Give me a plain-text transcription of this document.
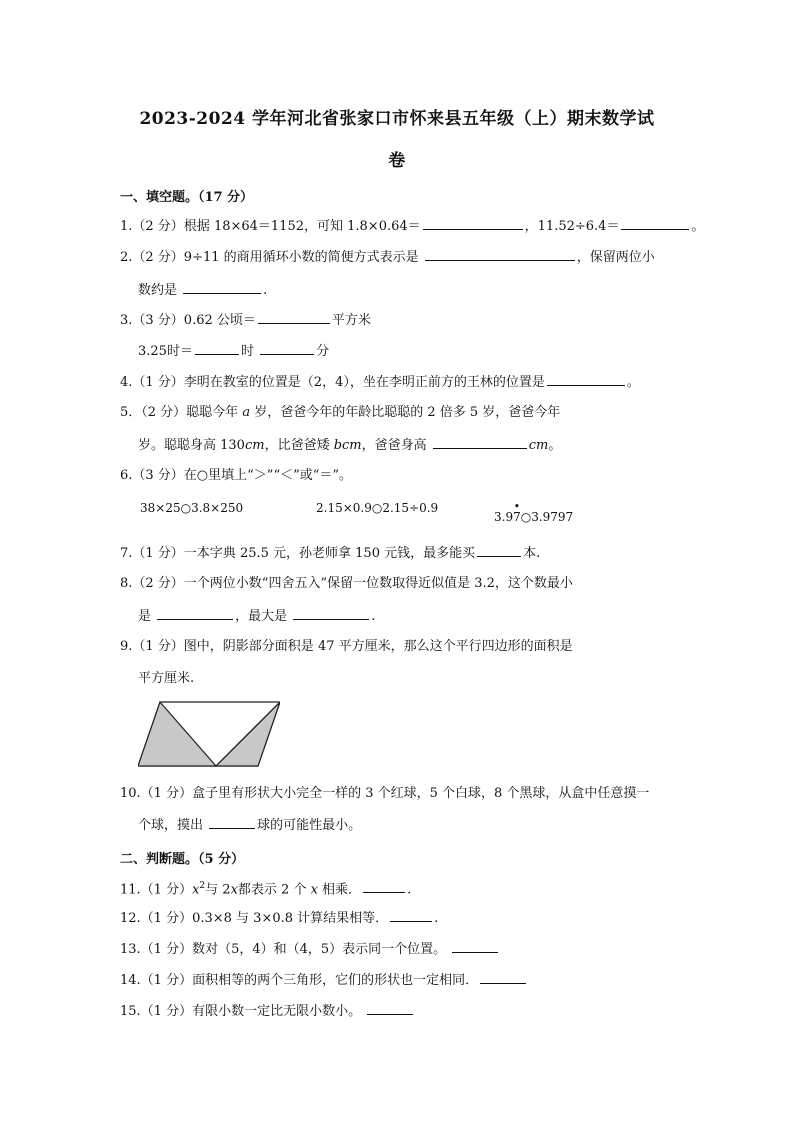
2023-2024 学年河北省张家口市怀来县五年级（上）期末数学试
卷
一、填空题。（17 分）
1.（2 分）根据 18×64＝1152，可知 1.8×0.64＝	，11.52÷6.4＝	。
2.（2 分）9÷11 的商用循环小数的简便方式表示是	，保留两位小
数约是	.
3.（3 分）0.62 公顷＝	平方米
3.25时＝	时	分
4.（1 分）李明在教室的位置是（2，4），坐在李明正前方的王林的位置是	。
5．（2 分）聪聪今年 a 岁，爸爸今年的年龄比聪聪的 2 倍多 5 岁，爸爸今年
岁。聪聪身高 130cm，比爸爸矮 bcm，爸爸身高	cm。
6.（3 分）在○里填上“＞”“＜”或“＝”。
38×25○3.8×250	2.15×0.9○2.15÷0.9
3.9
•
7○3.9797
7.（1 分）一本字典 25.5 元，孙老师拿 150 元钱，最多能买	本.
8.（2 分）一个两位小数“四舍五入”保留一位数取得近似值是 3.2，这个数最小
是	，最大是	.
9.（1 分）图中，阴影部分面积是 47 平方厘米，那么这个平行四边形的面积是
平方厘米.
10.（1 分）盒子里有形状大小完全一样的 3 个红球，5 个白球，8 个黑球，从盒中任意摸一
个球，摸出	球的可能性最小。
二、判断题。（5 分）
11.（1 分）$x^2$与 2x都表示 2 个 x 相乘．	.
12.（1 分）0.3×8 与 3×0.8 计算结果相等．	.
13.（1 分）数对（5，4）和（4，5）表示同一个位置。
14.（1 分）面积相等的两个三角形，它们的形状也一定相同．
15.（1 分）有限小数一定比无限小数小。
